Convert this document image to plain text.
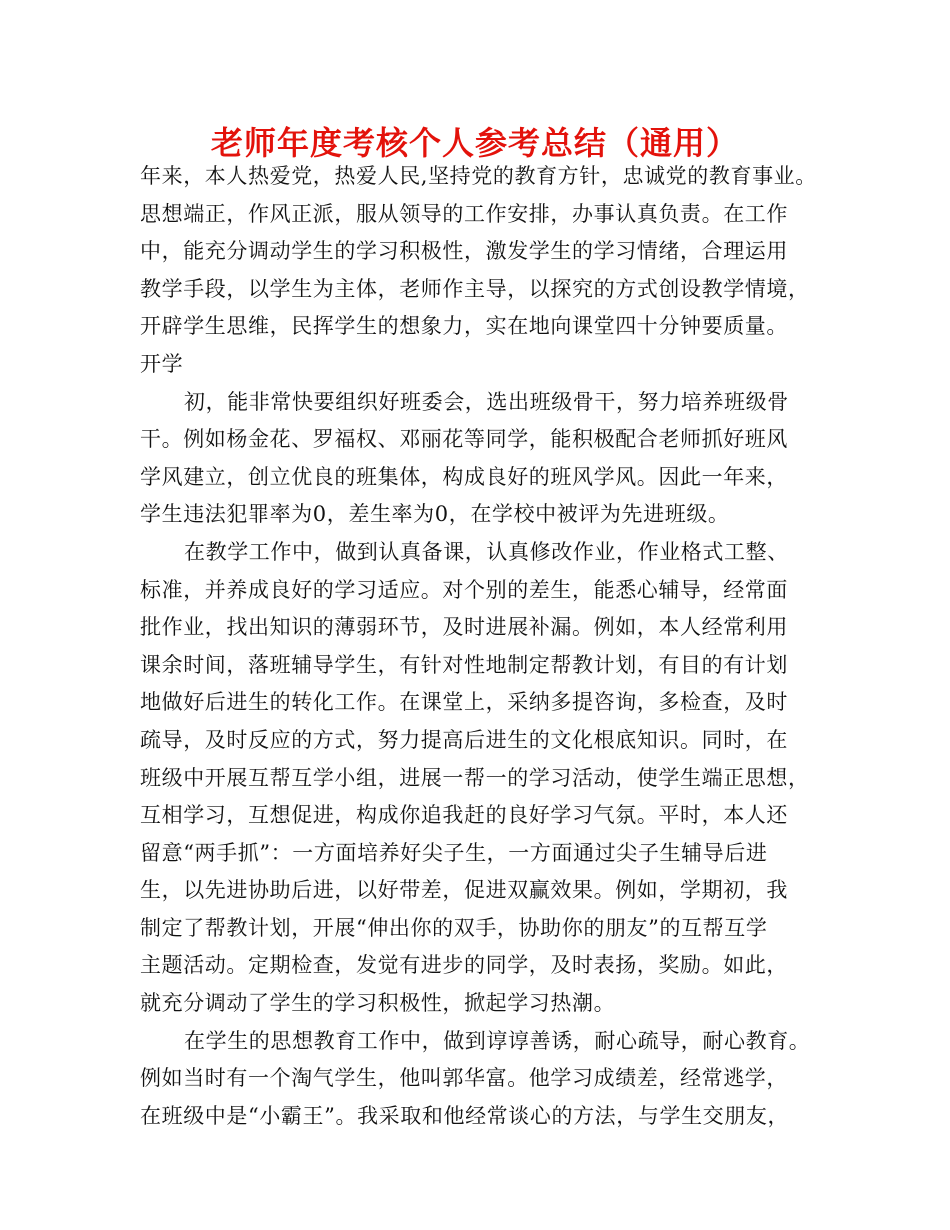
老师年度考核个人参考总结（通用）
年来，本人热爱党，热爱人民,坚持党的教育方针，忠诚党的教育事业。
思想端正，作风正派，服从领导的工作安排，办事认真负责。在工作
中，能充分调动学生的学习积极性，激发学生的学习情绪，合理运用
教学手段，以学生为主体，老师作主导，以探究的方式创设教学情境，
开辟学生思维，民挥学生的想象力，实在地向课堂四十分钟要质量。
开学
初，能非常快要组织好班委会，选出班级骨干，努力培养班级骨
干。例如杨金花、罗福权、邓丽花等同学，能积极配合老师抓好班风
学风建立，创立优良的班集体，构成良好的班风学风。因此一年来，
学生违法犯罪率为0，差生率为0，在学校中被评为先进班级。
在教学工作中，做到认真备课，认真修改作业，作业格式工整、
标准，并养成良好的学习适应。对个别的差生，能悉心辅导，经常面
批作业，找出知识的薄弱环节，及时进展补漏。例如，本人经常利用
课余时间，落班辅导学生，有针对性地制定帮教计划，有目的有计划
地做好后进生的转化工作。在课堂上，采纳多提咨询，多检查，及时
疏导，及时反应的方式，努力提高后进生的文化根底知识。同时，在
班级中开展互帮互学小组，进展一帮一的学习活动，使学生端正思想，
互相学习，互想促进，构成你追我赶的良好学习气氛。平时，本人还
留意“两手抓”：一方面培养好尖子生，一方面通过尖子生辅导后进
生，以先进协助后进，以好带差，促进双赢效果。例如，学期初，我
制定了帮教计划，开展“伸出你的双手，协助你的朋友”的互帮互学
主题活动。定期检查，发觉有进步的同学，及时表扬，奖励。如此，
就充分调动了学生的学习积极性，掀起学习热潮。
在学生的思想教育工作中，做到谆谆善诱，耐心疏导，耐心教育。
例如当时有一个淘气学生，他叫郭华富。他学习成绩差，经常逃学，
在班级中是“小霸王”。我采取和他经常谈心的方法，与学生交朋友，
